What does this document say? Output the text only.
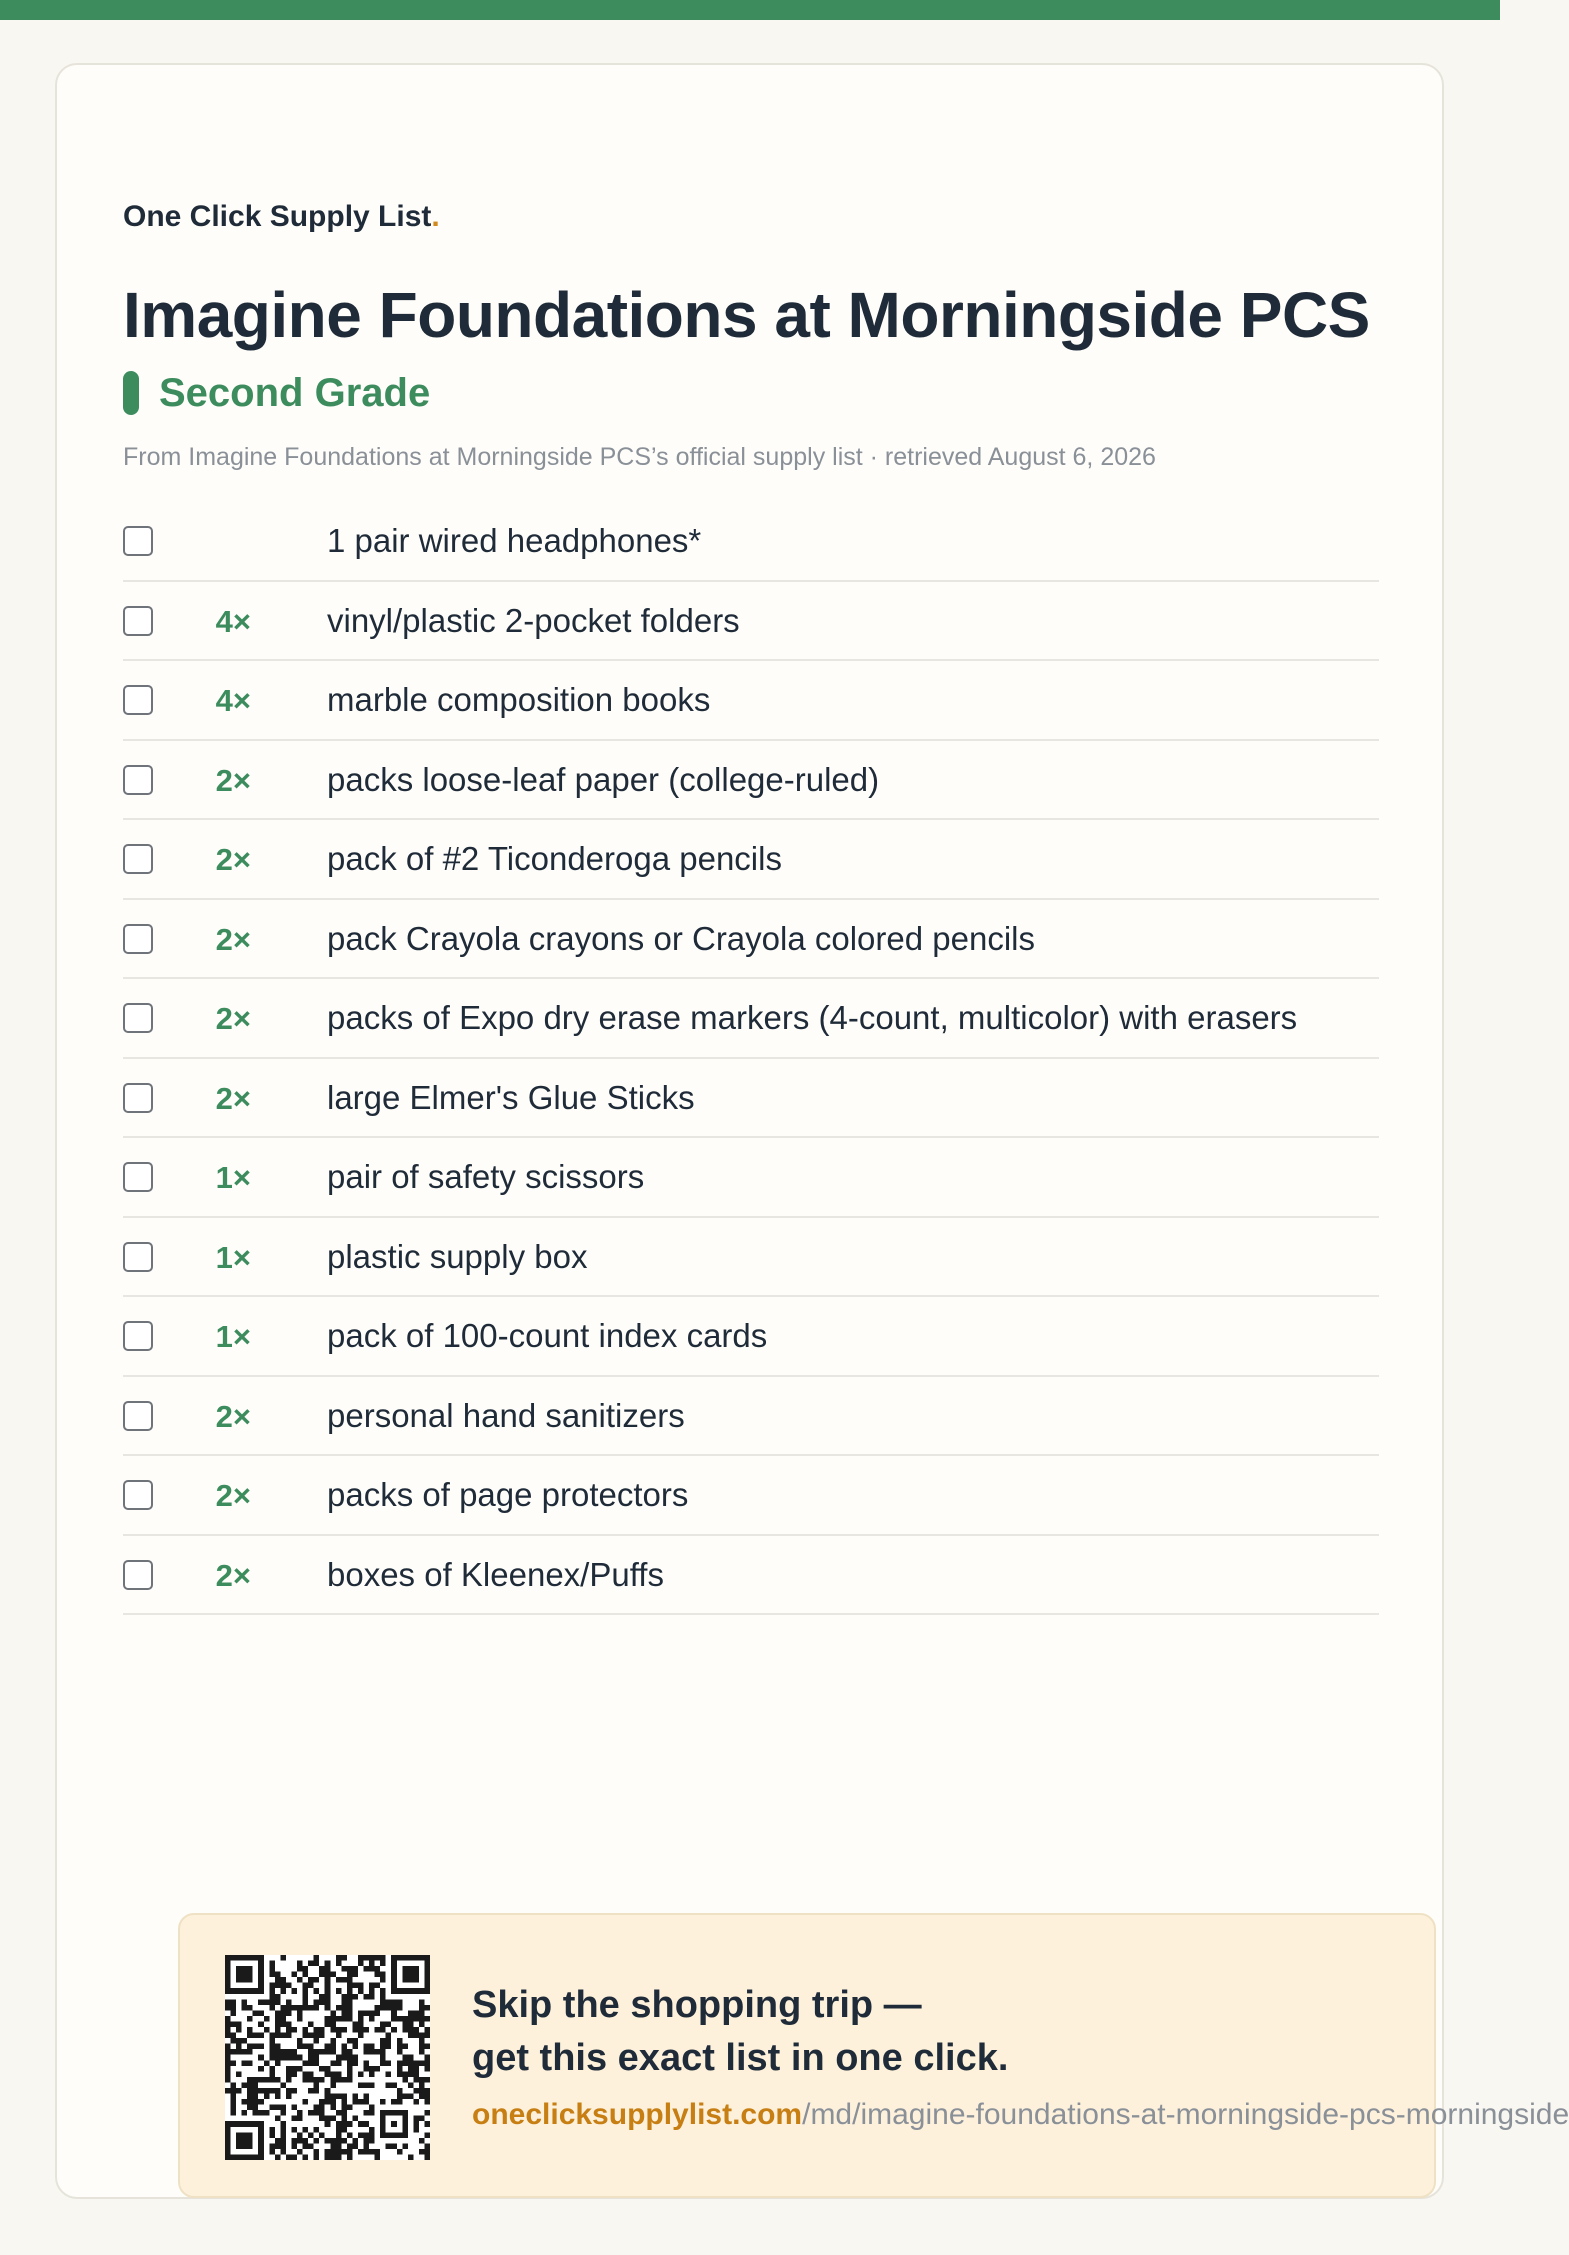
One Click Supply List.
Imagine Foundations at Morningside PCS
Second Grade
From Imagine Foundations at Morningside PCS’s official supply list · retrieved August 6, 2026
1 pair wired headphones*
4× vinyl/plastic 2-pocket folders
4× marble composition books
2× packs loose-leaf paper (college-ruled)
2× pack of #2 Ticonderoga pencils
2× pack Crayola crayons or Crayola colored pencils
2× packs of Expo dry erase markers (4-count, multicolor) with erasers
2× large Elmer's Glue Sticks
1× pair of safety scissors
1× plastic supply box
1× pack of 100-count index cards
2× personal hand sanitizers
2× packs of page protectors
2× boxes of Kleenex/Puffs
Skip the shopping trip —
get this exact list in one click.
oneclicksupplylist.com/md/imagine-foundations-at-morningside-pcs-morningside
